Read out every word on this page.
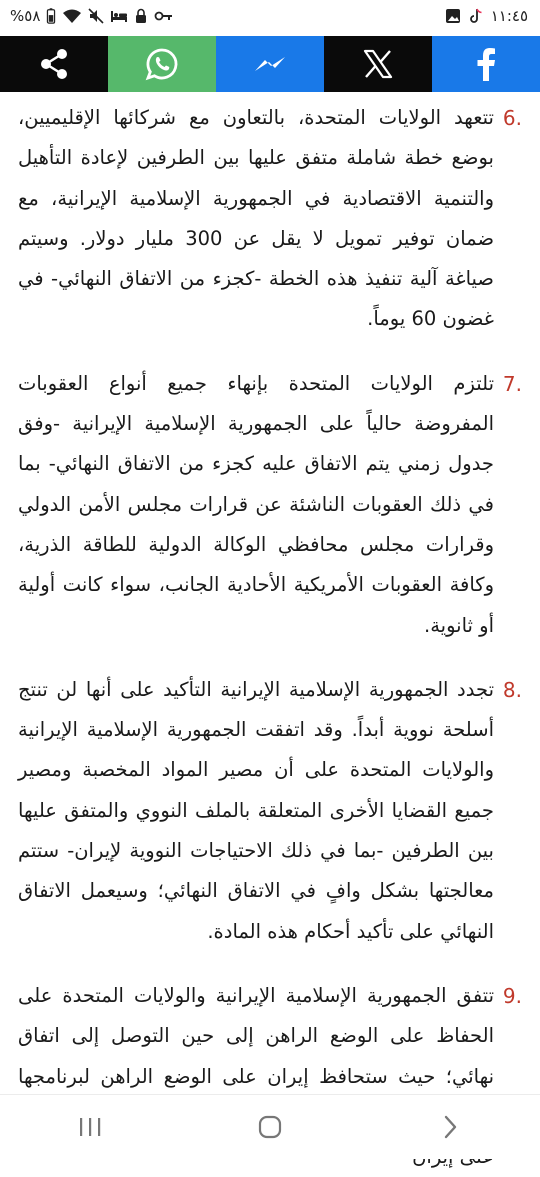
%٥٨	١١:٤٥
6.
تتعهد الولايات المتحدة، بالتعاون مع شركائها الإقليميين، بوضع خطة شاملة متفق عليها بين الطرفين لإعادة التأهيل والتنمية الاقتصادية في الجمهورية الإسلامية الإيرانية، مع ضمان توفير تمويل لا يقل عن 300 مليار دولار. وسيتم صياغة آلية تنفيذ هذه الخطة -كجزء من الاتفاق النهائي- في غضون 60 يوماً.
7.
تلتزم الولايات المتحدة بإنهاء جميع أنواع العقوبات المفروضة حالياً على الجمهورية الإسلامية الإيرانية -وفق جدول زمني يتم الاتفاق عليه كجزء من الاتفاق النهائي- بما في ذلك العقوبات الناشئة عن قرارات مجلس الأمن الدولي وقرارات مجلس محافظي الوكالة الدولية للطاقة الذرية، وكافة العقوبات الأمريكية الأحادية الجانب، سواء كانت أولية أو ثانوية.
8.
تجدد الجمهورية الإسلامية الإيرانية التأكيد على أنها لن تنتج أسلحة نووية أبداً. وقد اتفقت الجمهورية الإسلامية الإيرانية والولايات المتحدة على أن مصير المواد المخصبة ومصير جميع القضايا الأخرى المتعلقة بالملف النووي والمتفق عليها بين الطرفين -بما في ذلك الاحتياجات النووية لإيران- ستتم معالجتها بشكل وافٍ في الاتفاق النهائي؛ وسيعمل الاتفاق النهائي على تأكيد أحكام هذه المادة.
9.
تتفق الجمهورية الإسلامية الإيرانية والولايات المتحدة على الحفاظ على الوضع الراهن إلى حين التوصل إلى اتفاق نهائي؛ حيث ستحافظ إيران على الوضع الراهن لبرنامجها
